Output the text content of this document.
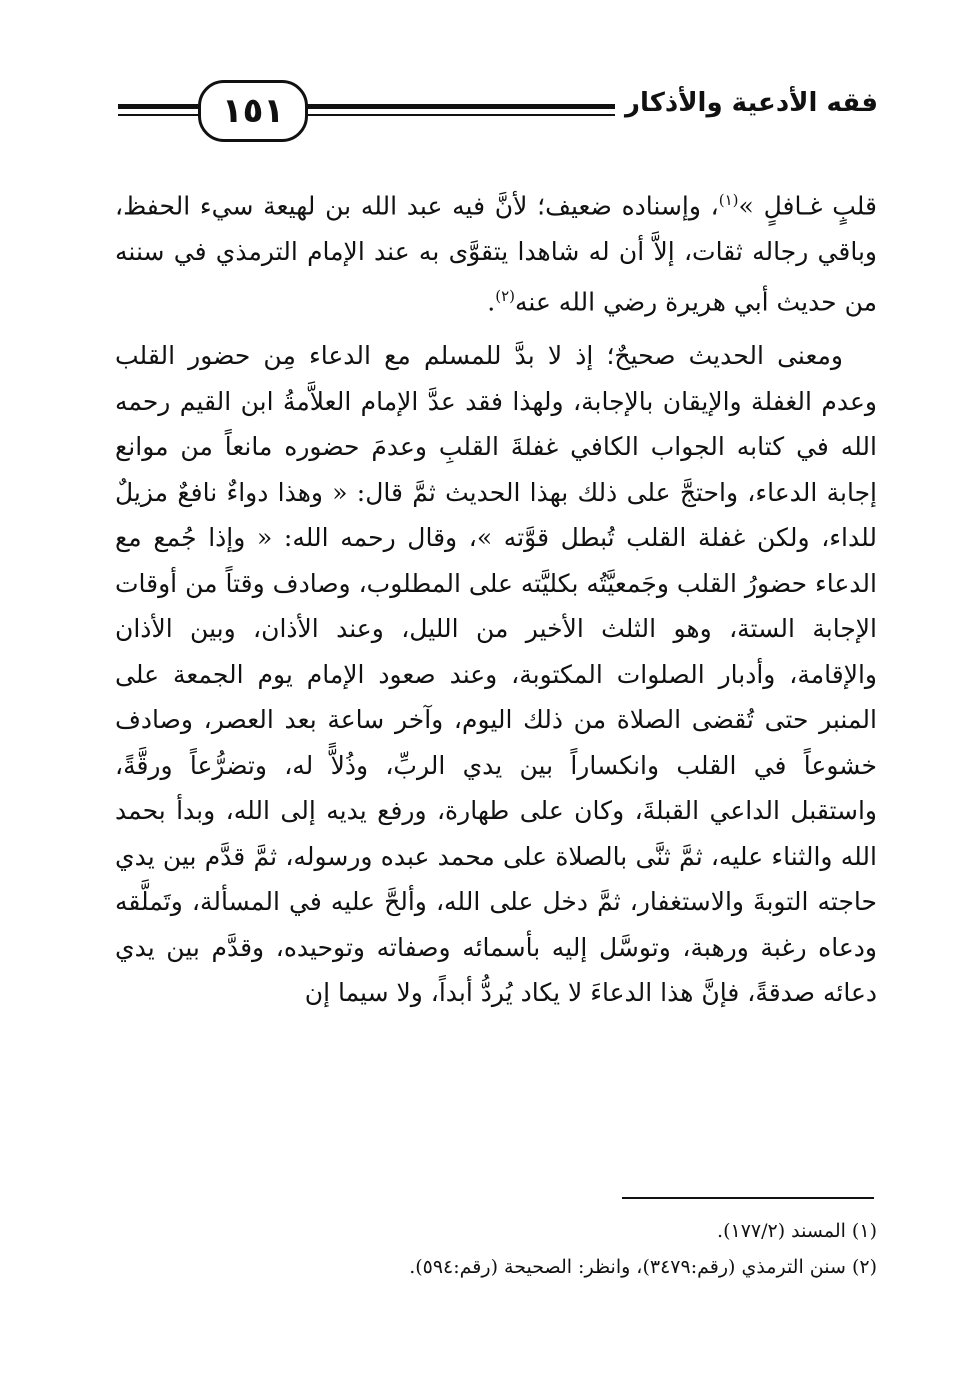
١٥١	فقه الأدعية والأذكار

قلبٍ غـافلٍ »$^{(١)}$، وإسناده ضعيف؛ لأنَّ فيه عبد الله بن لهيعة سيء الحفظ، وباقي رجاله ثقات، إلاَّ أن له شاهدا يتقوَّى به عند الإمام الترمذي في سننه من حديث أبي هريرة رضي الله عنه$^{(٢)}$.

ومعنى الحديث صحيحٌ؛ إذ لا بدَّ للمسلم مع الدعاء مِن حضور القلب وعدم الغفلة والإيقان بالإجابة، ولهذا فقد عدَّ الإمام العلاَّمةُ ابن القيم رحمه الله في كتابه الجواب الكافي غفلةَ القلبِ وعدمَ حضوره مانعاً من موانع إجابة الدعاء، واحتجَّ على ذلك بهذا الحديث ثمَّ قال: « وهذا دواءٌ نافعٌ مزيلٌ للداء، ولكن غفلة القلب تُبطل قوَّته »، وقال رحمه الله: « وإذا جُمع مع الدعاء حضورُ القلب وجَمعيَّتُه بكليَّته على المطلوب، وصادف وقتاً من أوقات الإجابة الستة، وهو الثلث الأخير من الليل، وعند الأذان، وبين الأذان والإقامة، وأدبار الصلوات المكتوبة، وعند صعود الإمام يوم الجمعة على المنبر حتى تُقضى الصلاة من ذلك اليوم، وآخر ساعة بعد العصر، وصادف خشوعاً في القلب وانكساراً بين يدي الربِّ، وذُلاًّ له، وتضرُّعاً ورقَّةً، واستقبل الداعي القبلةَ، وكان على طهارة، ورفع يديه إلى الله، وبدأ بحمد الله والثناء عليه، ثمَّ ثنَّى بالصلاة على محمد عبده ورسوله، ثمَّ قدَّم بين يدي حاجته التوبةَ والاستغفار، ثمَّ دخل على الله، وألحَّ عليه في المسألة، وتَملَّقه ودعاه رغبة ورهبة، وتوسَّل إليه بأسمائه وصفاته وتوحيده، وقدَّم بين يدي دعائه صدقةً، فإنَّ هذا الدعاءَ لا يكاد يُردُّ أبداً، ولا سيما إن

(١) المسند (١٧٧/٢).
(٢) سنن الترمذي (رقم:٣٤٧٩)، وانظر: الصحيحة (رقم:٥٩٤).
